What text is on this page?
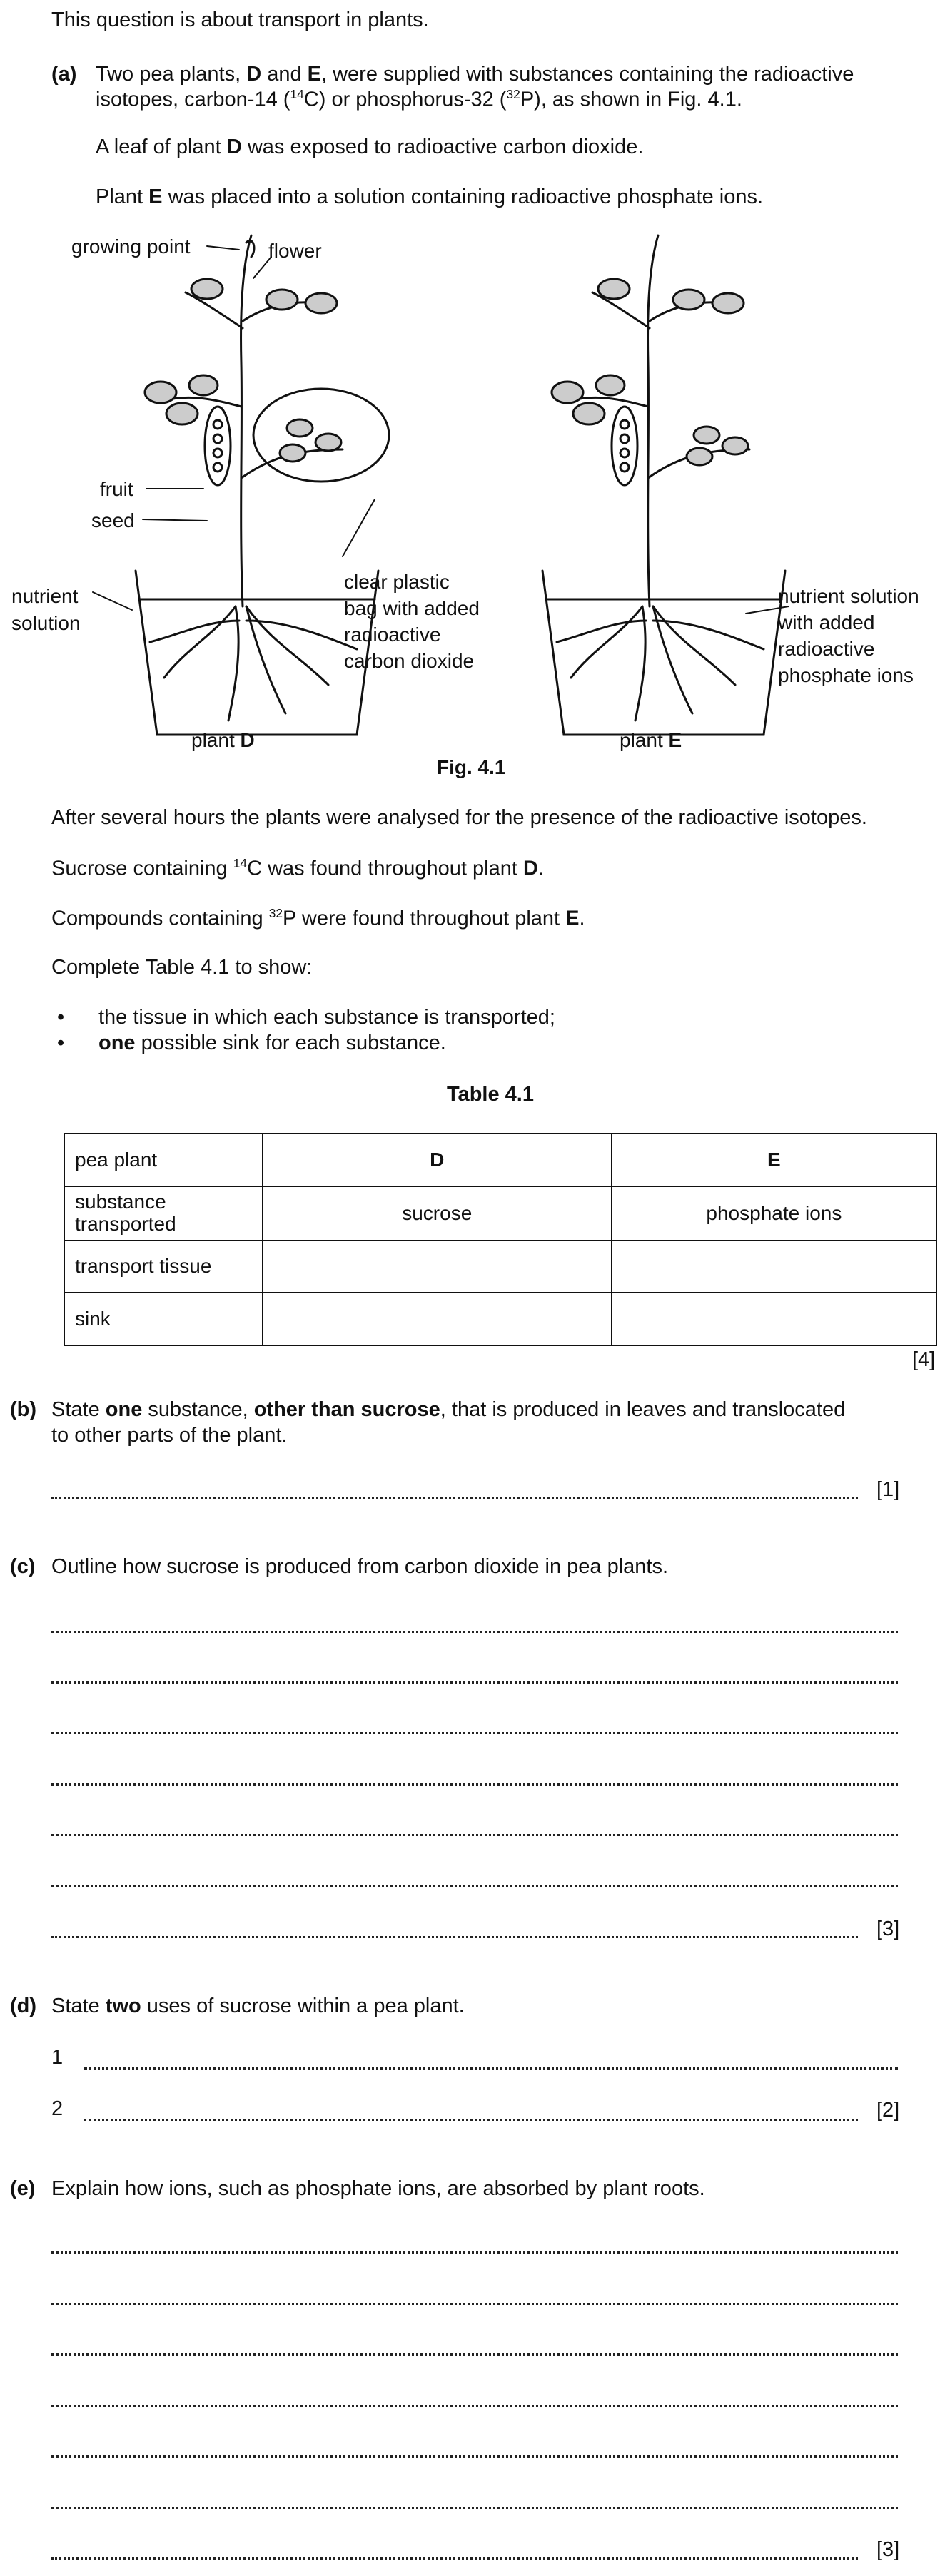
This question is about transport in plants.
(a) Two pea plants, D and E, were supplied with substances containing the radioactive
isotopes, carbon-14 ($^{14}$C) or phosphorus-32 ($^{32}$P), as shown in Fig. 4.1.
A leaf of plant D was exposed to radioactive carbon dioxide.
Plant E was placed into a solution containing radioactive phosphate ions.
growing point	flower
fruit
seed
nutrient
solution
clear plastic
bag with added
radioactive
carbon dioxide
nutrient solution
with added
radioactive
phosphate ions
plant D	plant E
Fig. 4.1
After several hours the plants were analysed for the presence of the radioactive isotopes.
Sucrose containing $^{14}$C was found throughout plant D.
Compounds containing $^{32}$P were found throughout plant E.
Complete Table 4.1 to show:
• the tissue in which each substance is transported;
• one possible sink for each substance.
Table 4.1
pea plant	D	E
substance transported	sucrose	phosphate ions
transport tissue		
sink		
[4]
(b) State one substance, other than sucrose, that is produced in leaves and translocated
to other parts of the plant.
[1]
(c) Outline how sucrose is produced from carbon dioxide in pea plants.
[3]
(d) State two uses of sucrose within a pea plant.
1
2	[2]
(e) Explain how ions, such as phosphate ions, are absorbed by plant roots.
[3]
